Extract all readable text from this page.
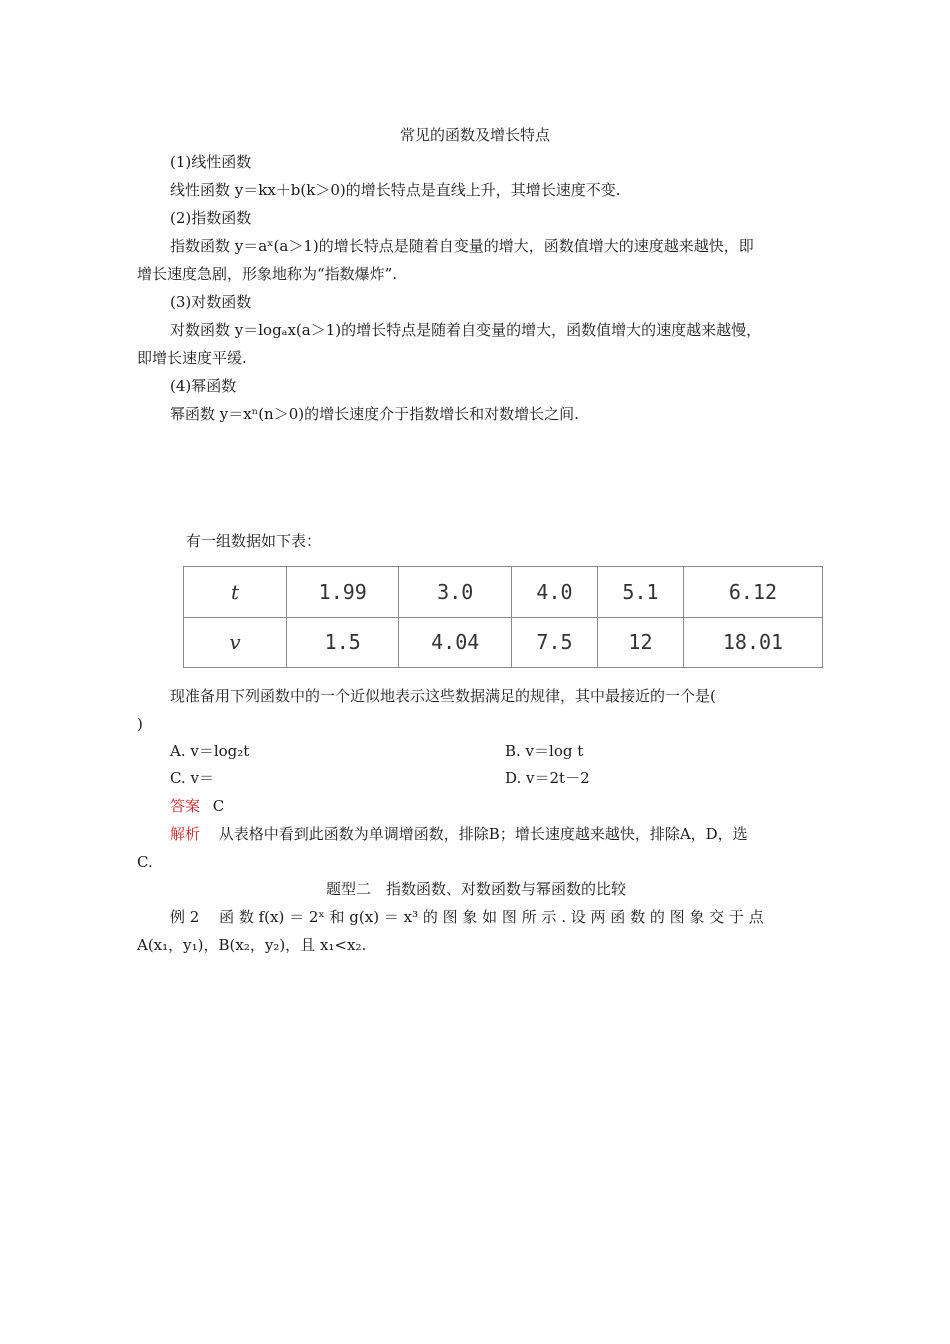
常见的函数及增长特点
(1)线性函数
线性函数 y＝kx＋b(k＞0)的增长特点是直线上升，其增长速度不变.
(2)指数函数
指数函数 y＝aˣ(a＞1)的增长特点是随着自变量的增大，函数值增大的速度越来越快，即
增长速度急剧，形象地称为“指数爆炸”.
(3)对数函数
对数函数 y＝logₐx(a＞1)的增长特点是随着自变量的增大，函数值增大的速度越来越慢，
即增长速度平缓.
(4)幂函数
幂函数 y＝xⁿ(n＞0)的增长速度介于指数增长和对数增长之间.
有一组数据如下表：
t	1.99	3.0	4.0	5.1	6.12
v	1.5	4.04	7.5	12	18.01
现准备用下列函数中的一个近似地表示这些数据满足的规律，其中最接近的一个是(
)
A. v＝log₂t	B. v＝log t
C. v＝	D. v＝2t－2
答案 C
解析 从表格中看到此函数为单调增函数，排除B；增长速度越来越快，排除A，D，选
C.
题型二　指数函数、对数函数与幂函数的比较
例 2　 函 数 f(x) ＝ 2ˣ 和 g(x) ＝ x³ 的 图 象 如 图 所 示 . 设 两 函 数 的 图 象 交 于 点
A(x₁，y₁)，B(x₂，y₂)，且 x₁<x₂.
